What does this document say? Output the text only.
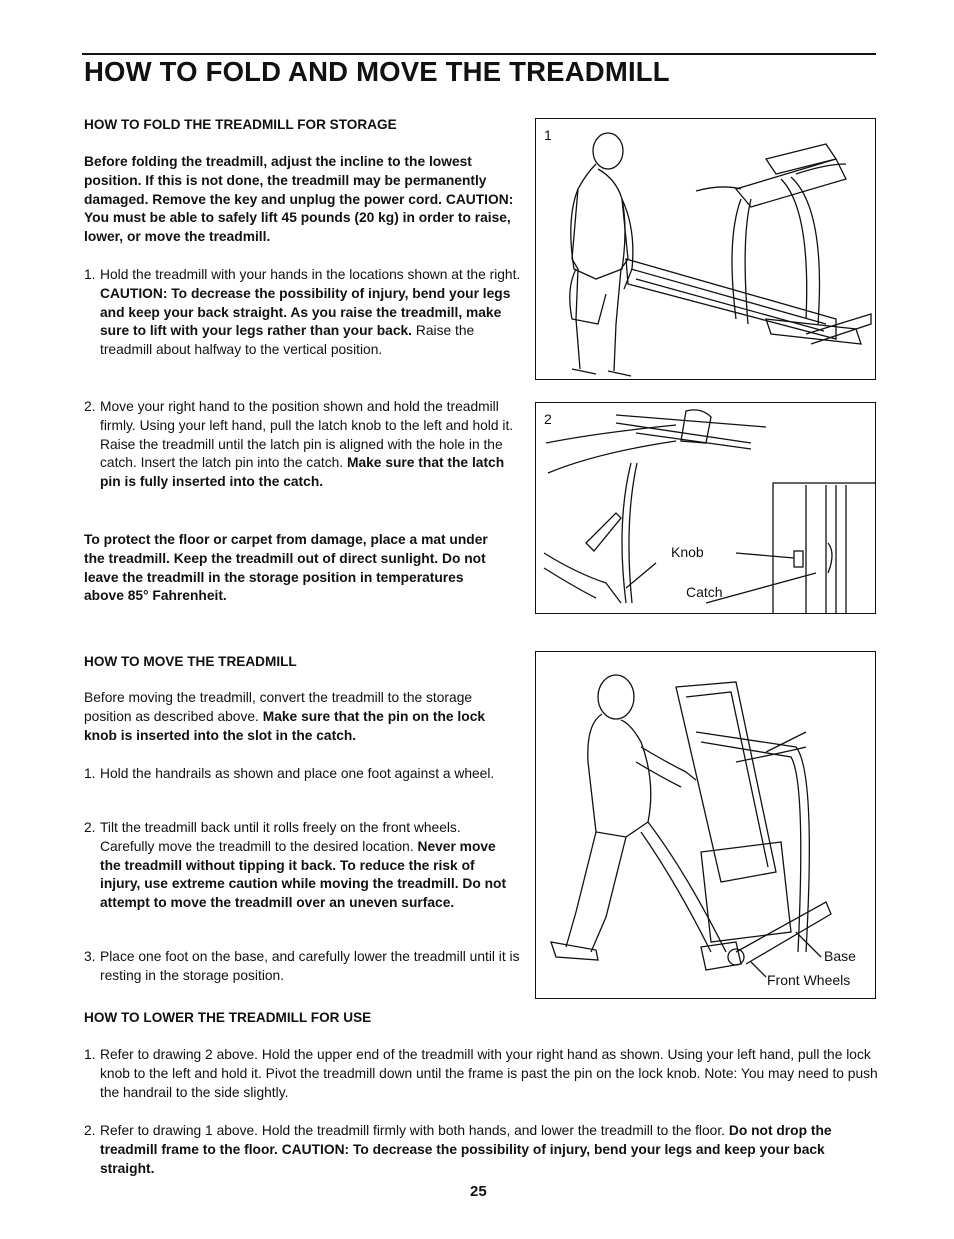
HOW TO FOLD AND MOVE THE TREADMILL
HOW TO FOLD THE TREADMILL FOR STORAGE

Before folding the treadmill, adjust the incline to the lowest position. If this is not done, the treadmill may be permanently damaged. Remove the key and unplug the power cord. CAUTION: You must be able to safely lift 45 pounds (20 kg) in order to raise, lower, or move the treadmill.

1. Hold the treadmill with your hands in the locations shown at the right. CAUTION: To decrease the possibility of injury, bend your legs and keep your back straight. As you raise the treadmill, make sure to lift with your legs rather than your back. Raise the treadmill about halfway to the vertical position.

2. Move your right hand to the position shown and hold the treadmill firmly. Using your left hand, pull the latch knob to the left and hold it. Raise the treadmill until the latch pin is aligned with the hole in the catch. Insert the latch pin into the catch. Make sure that the latch pin is fully inserted into the catch.

To protect the floor or carpet from damage, place a mat under the treadmill. Keep the treadmill out of direct sunlight. Do not leave the treadmill in the storage position in temperatures above 85° Fahrenheit.

HOW TO MOVE THE TREADMILL

Before moving the treadmill, convert the treadmill to the storage position as described above. Make sure that the pin on the lock knob is inserted into the slot in the catch.

1. Hold the handrails as shown and place one foot against a wheel.

2. Tilt the treadmill back until it rolls freely on the front wheels. Carefully move the treadmill to the desired location. Never move the treadmill without tipping it back. To reduce the risk of injury, use extreme caution while moving the treadmill. Do not attempt to move the treadmill over an uneven surface.

3. Place one foot on the base, and carefully lower the treadmill until it is resting in the storage position.

HOW TO LOWER THE TREADMILL FOR USE

1. Refer to drawing 2 above. Hold the upper end of the treadmill with your right hand as shown. Using your left hand, pull the lock knob to the left and hold it. Pivot the treadmill down until the frame is past the pin on the lock knob. Note: You may need to push the handrail to the side slightly.

2. Refer to drawing 1 above. Hold the treadmill firmly with both hands, and lower the treadmill to the floor. Do not drop the treadmill frame to the floor. CAUTION: To decrease the possibility of injury, bend your legs and keep your back straight.

25
1
2
Knob
Catch
Base
Front Wheels
